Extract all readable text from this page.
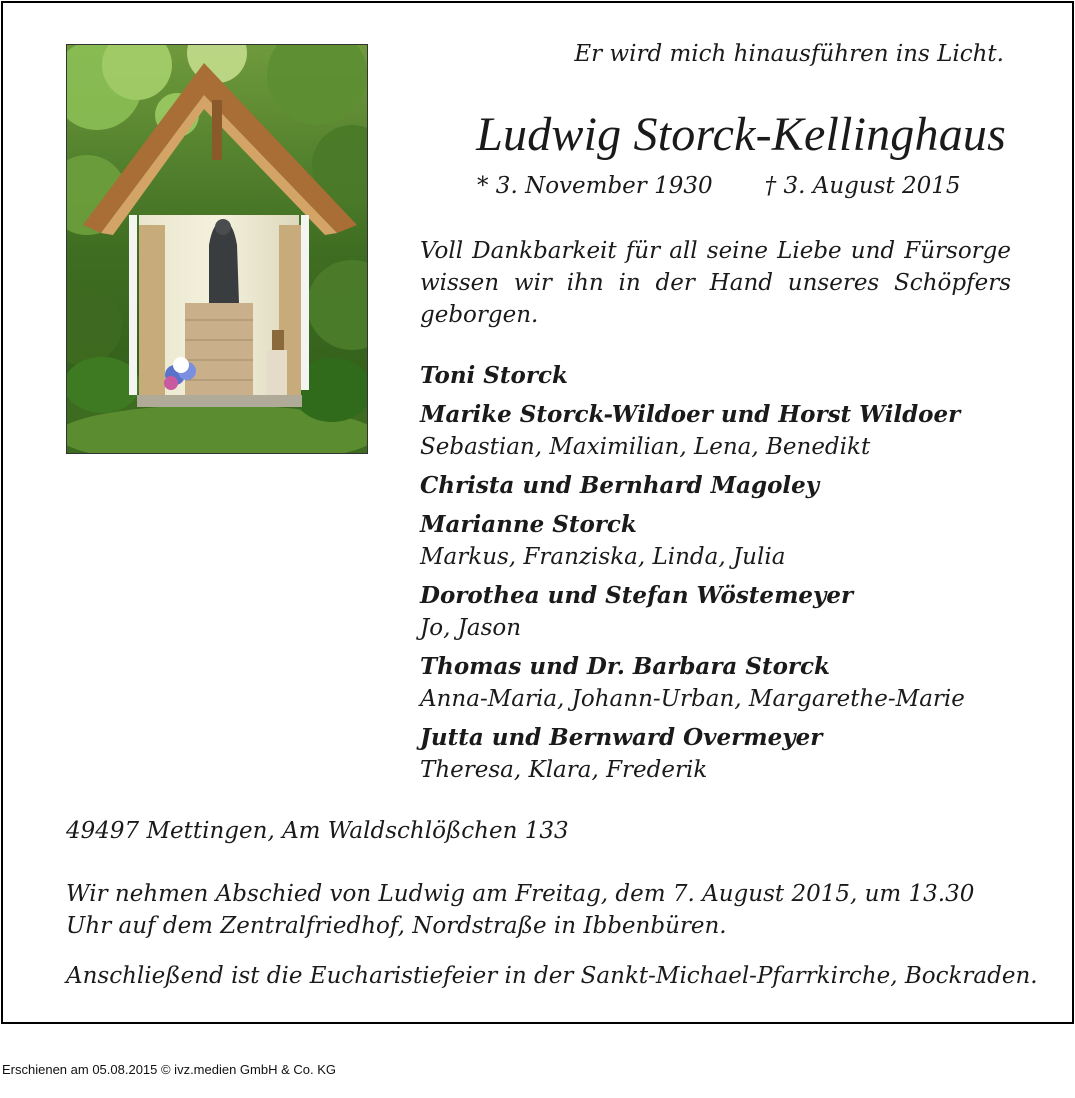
Er wird mich hinausführen ins Licht.
Ludwig Storck-Kellinghaus
* 3. November 1930 † 3. August 2015
Voll Dankbarkeit für all seine Liebe und Fürsorge wissen wir ihn in der Hand unseres Schöpfers geborgen.
Toni Storck
Marike Storck-Wildoer und Horst Wildoer
Sebastian, Maximilian, Lena, Benedikt
Christa und Bernhard Magoley
Marianne Storck
Markus, Franziska, Linda, Julia
Dorothea und Stefan Wöstemeyer
Jo, Jason
Thomas und Dr. Barbara Storck
Anna-Maria, Johann-Urban, Margarethe-Marie
Jutta und Bernward Overmeyer
Theresa, Klara, Frederik
49497 Mettingen, Am Waldschlößchen 133
Wir nehmen Abschied von Ludwig am Freitag, dem 7. August 2015, um 13.30 Uhr auf dem Zentralfriedhof, Nordstraße in Ibbenbüren.
Anschließend ist die Eucharistiefeier in der Sankt-Michael-Pfarrkirche, Bockraden.
Erschienen am 05.08.2015 © ivz.medien GmbH & Co. KG
